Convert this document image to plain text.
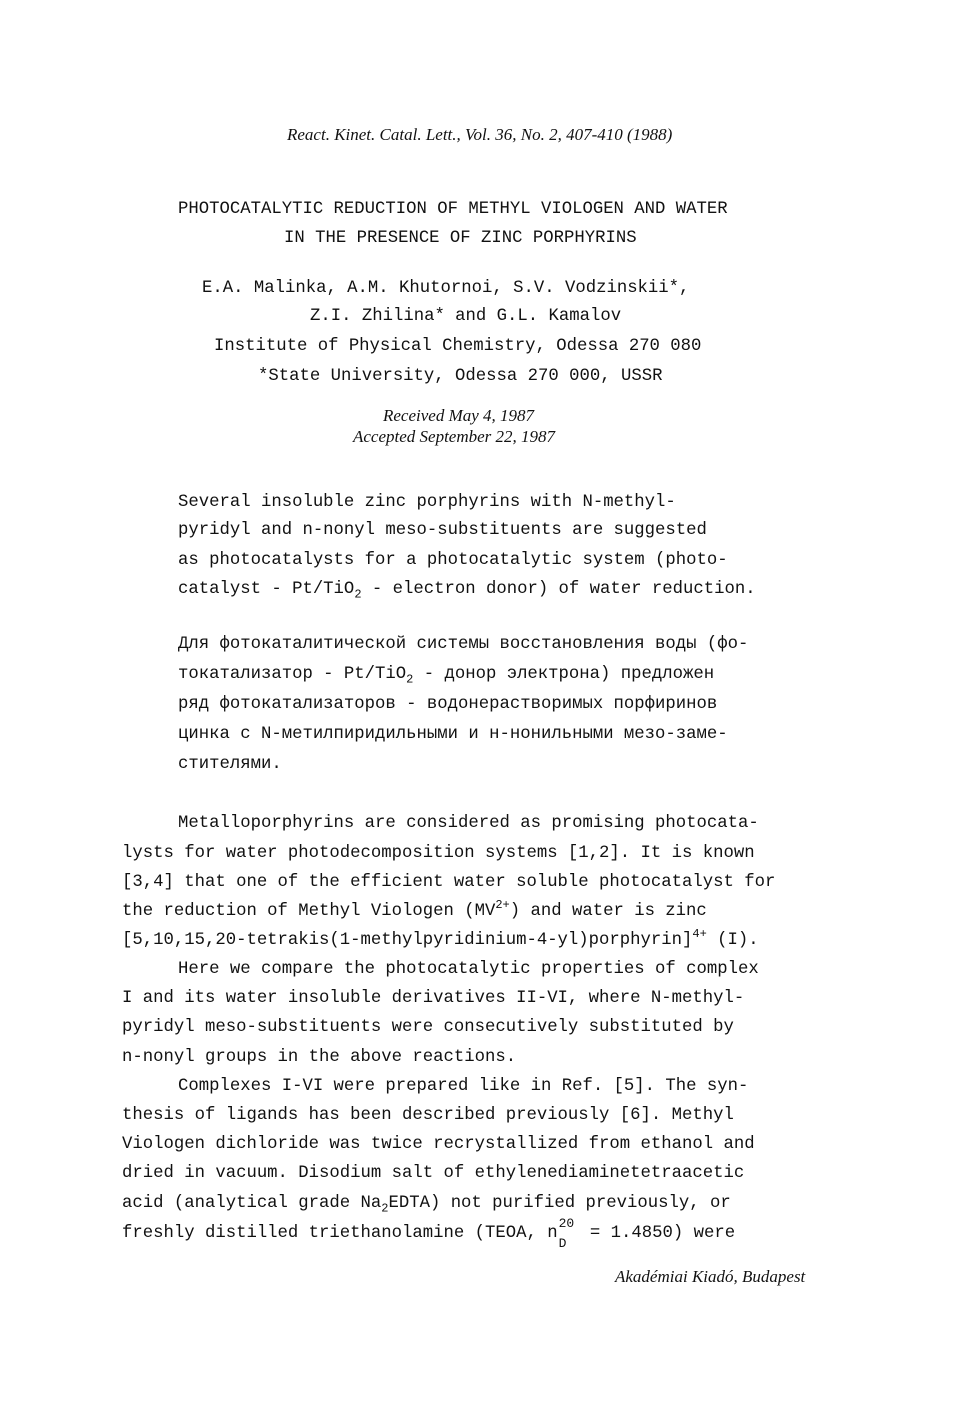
React. Kinet. Catal. Lett., Vol. 36, No. 2, 407-410 (1988)
PHOTOCATALYTIC REDUCTION OF METHYL VIOLOGEN AND WATER
IN THE PRESENCE OF ZINC PORPHYRINS
E.A. Malinka, A.M. Khutornoi, S.V. Vodzinskii*,
Z.I. Zhilina* and G.L. Kamalov
Institute of Physical Chemistry, Odessa 270 080
*State University, Odessa 270 000, USSR
Received May 4, 1987
Accepted September 22, 1987
Several insoluble zinc porphyrins with N-methyl-
pyridyl and n-nonyl meso-substituents are suggested
as photocatalysts for a photocatalytic system (photo-
catalyst - Pt/TiO$_2$ - electron donor) of water reduction.
Для фотокаталитической системы восстановления воды (фо-
токатализатор - Pt/TiO$_2$ - донор электрона) предложен
ряд фотокатализаторов - водонерастворимых порфиринов
цинка с N-метилпиридильными и н-нонильными мезо-заме-
стителями.
Metalloporphyrins are considered as promising photocata-
lysts for water photodecomposition systems [1,2]. It is known
[3,4] that one of the efficient water soluble photocatalyst for
the reduction of Methyl Viologen $(MV^{2+})$ and water is zinc
[5,10,15,20-tetrakis(1-methylpyridinium-4-yl)porphyrin]$^{4+}$ (I).
Here we compare the photocatalytic properties of complex
I and its water insoluble derivatives II-VI, where N-methyl-
pyridyl meso-substituents were consecutively substituted by
n-nonyl groups in the above reactions.
Complexes I-VI were prepared like in Ref. [5]. The syn-
thesis of ligands has been described previously [6]. Methyl
Viologen dichloride was twice recrystallized from ethanol and
dried in vacuum. Disodium salt of ethylenediaminetetraacetic
acid (analytical grade $Na_2EDTA$) not purified previously, or
freshly distilled triethanolamine (TEOA, n
20
D
= 1.4850) were
Akadémiai Kiadó, Budapest
